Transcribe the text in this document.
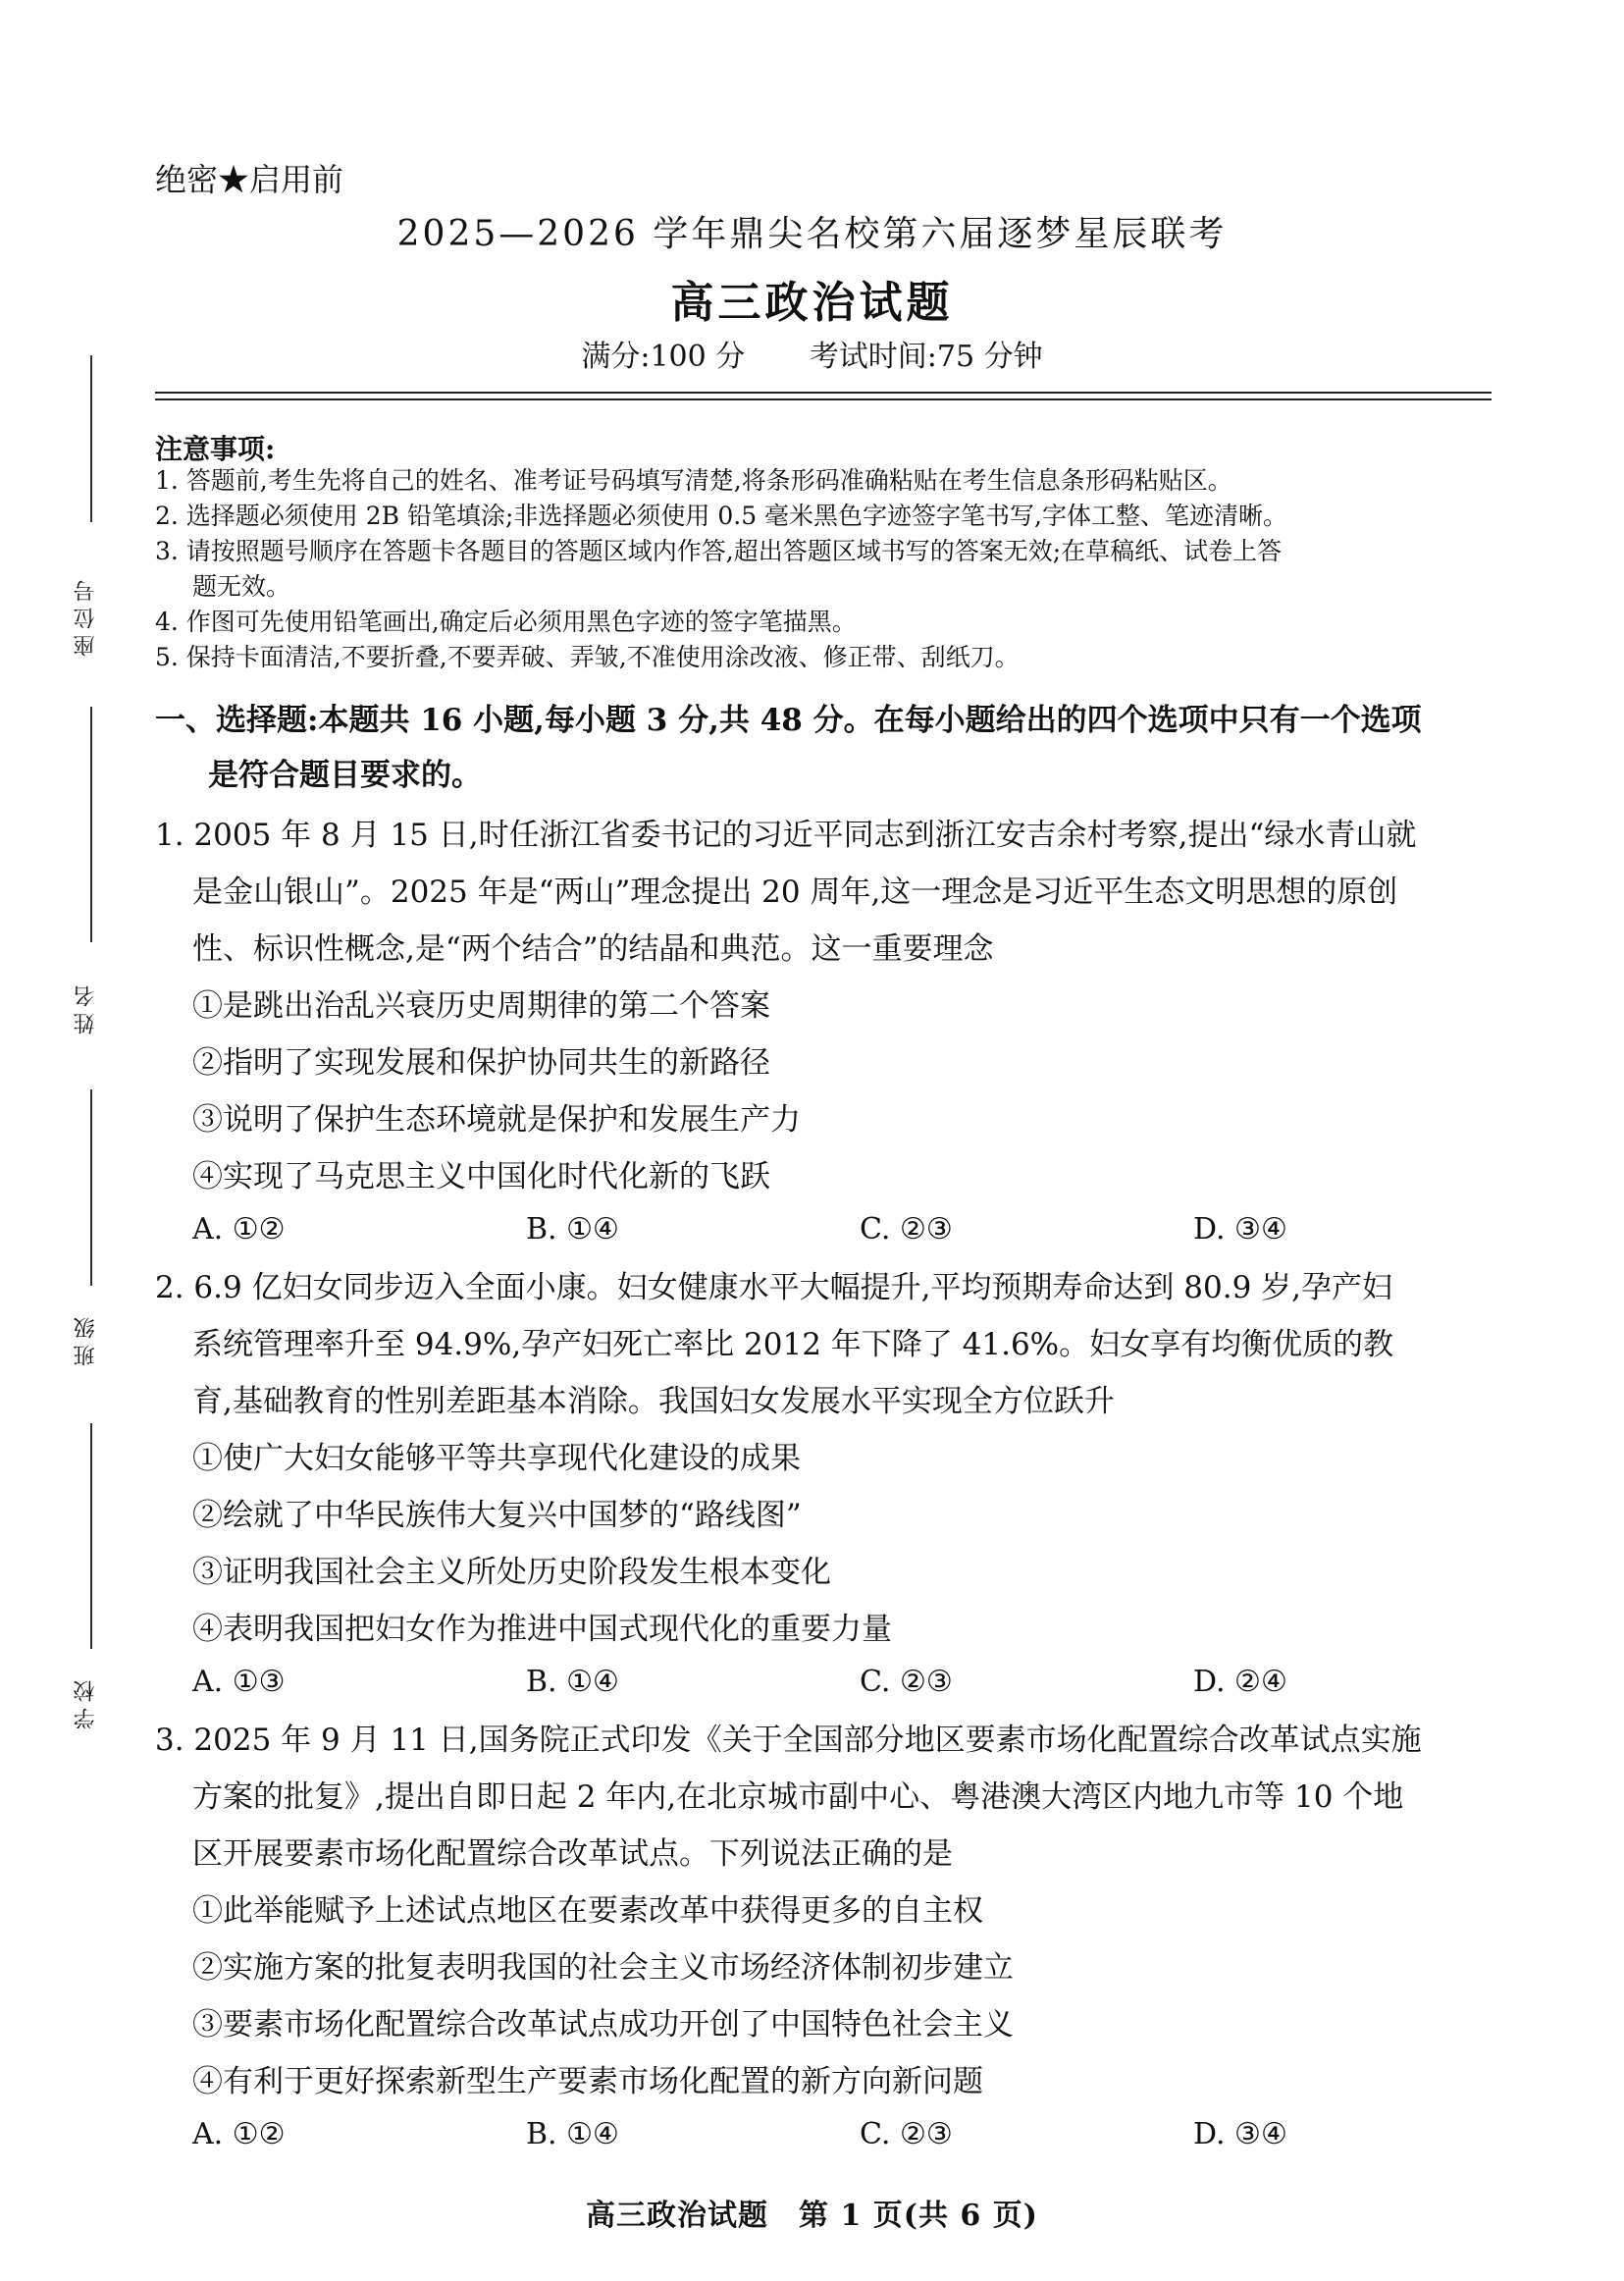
绝密★启用前
2025—2026 学年鼎尖名校第六届逐梦星辰联考
高三政治试题
满分:100 分 考试时间:75 分钟
座位号
姓名
班级
学校
注意事项:
1. 答题前,考生先将自己的姓名、准考证号码填写清楚,将条形码准确粘贴在考生信息条形码粘贴区。
2. 选择题必须使用 2B 铅笔填涂;非选择题必须使用 0.5 毫米黑色字迹签字笔书写,字体工整、笔迹清晰。
3. 请按照题号顺序在答题卡各题目的答题区域内作答,超出答题区域书写的答案无效;在草稿纸、试卷上答
题无效。
4. 作图可先使用铅笔画出,确定后必须用黑色字迹的签字笔描黑。
5. 保持卡面清洁,不要折叠,不要弄破、弄皱,不准使用涂改液、修正带、刮纸刀。
一、选择题:本题共 16 小题,每小题 3 分,共 48 分。在每小题给出的四个选项中只有一个选项
是符合题目要求的。
1. 2005 年 8 月 15 日,时任浙江省委书记的习近平同志到浙江安吉余村考察,提出“绿水青山就
是金山银山”。2025 年是“两山”理念提出 20 周年,这一理念是习近平生态文明思想的原创
性、标识性概念,是“两个结合”的结晶和典范。这一重要理念
①是跳出治乱兴衰历史周期律的第二个答案
②指明了实现发展和保护协同共生的新路径
③说明了保护生态环境就是保护和发展生产力
④实现了马克思主义中国化时代化新的飞跃
A. ①②	B. ①④	C. ②③	D. ③④
2. 6.9 亿妇女同步迈入全面小康。妇女健康水平大幅提升,平均预期寿命达到 80.9 岁,孕产妇
系统管理率升至 94.9%,孕产妇死亡率比 2012 年下降了 41.6%。妇女享有均衡优质的教
育,基础教育的性别差距基本消除。我国妇女发展水平实现全方位跃升
①使广大妇女能够平等共享现代化建设的成果
②绘就了中华民族伟大复兴中国梦的“路线图”
③证明我国社会主义所处历史阶段发生根本变化
④表明我国把妇女作为推进中国式现代化的重要力量
A. ①③	B. ①④	C. ②③	D. ②④
3. 2025 年 9 月 11 日,国务院正式印发《关于全国部分地区要素市场化配置综合改革试点实施
方案的批复》,提出自即日起 2 年内,在北京城市副中心、粤港澳大湾区内地九市等 10 个地
区开展要素市场化配置综合改革试点。下列说法正确的是
①此举能赋予上述试点地区在要素改革中获得更多的自主权
②实施方案的批复表明我国的社会主义市场经济体制初步建立
③要素市场化配置综合改革试点成功开创了中国特色社会主义
④有利于更好探索新型生产要素市场化配置的新方向新问题
A. ①②	B. ①④	C. ②③	D. ③④
高三政治试题　第 1 页(共 6 页)
